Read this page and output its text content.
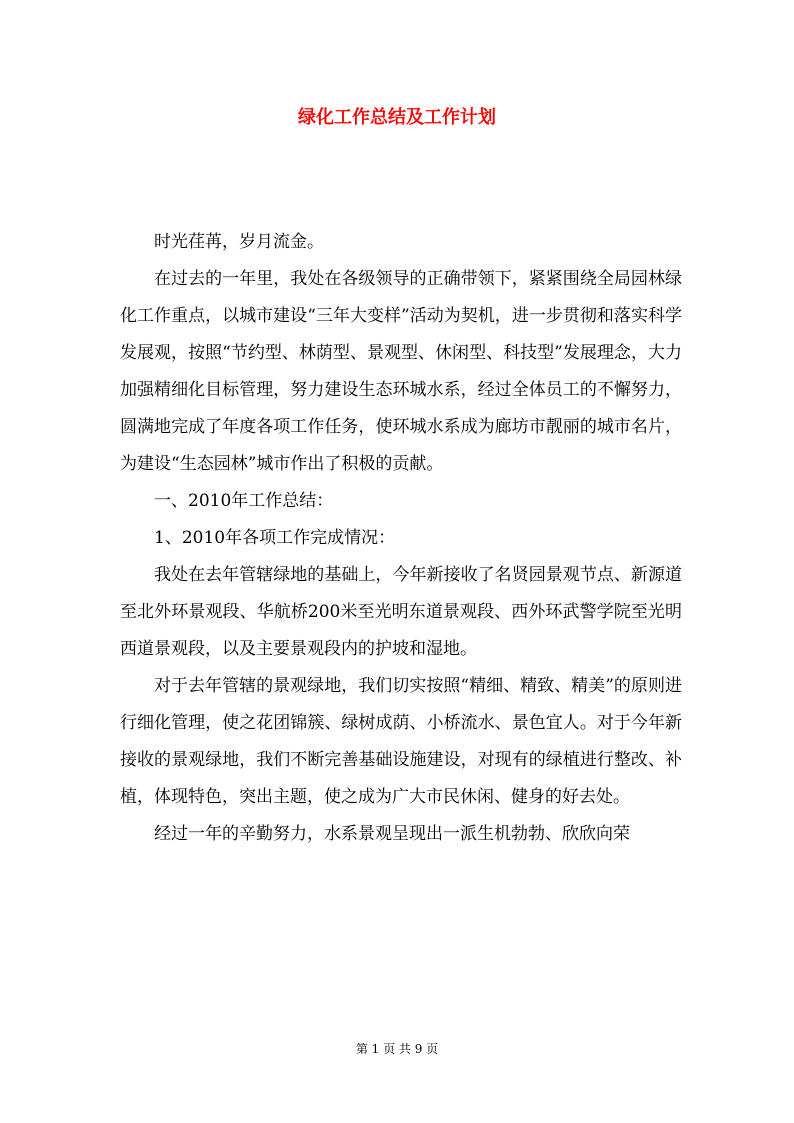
绿化工作总结及工作计划

时光荏苒，岁月流金。

在过去的一年里，我处在各级领导的正确带领下，紧紧围绕全局园林绿化工作重点，以城市建设“三年大变样”活动为契机，进一步贯彻和落实科学发展观，按照“节约型、林荫型、景观型、休闲型、科技型”发展理念，大力加强精细化目标管理，努力建设生态环城水系，经过全体员工的不懈努力，圆满地完成了年度各项工作任务，使环城水系成为廊坊市靓丽的城市名片，为建设“生态园林”城市作出了积极的贡献。

一、2010年工作总结：

1、2010年各项工作完成情况：

我处在去年管辖绿地的基础上，今年新接收了名贤园景观节点、新源道至北外环景观段、华航桥200米至光明东道景观段、西外环武警学院至光明西道景观段，以及主要景观段内的护坡和湿地。

对于去年管辖的景观绿地，我们切实按照“精细、精致、精美”的原则进行细化管理，使之花团锦簇、绿树成荫、小桥流水、景色宜人。对于今年新接收的景观绿地，我们不断完善基础设施建设，对现有的绿植进行整改、补植，体现特色，突出主题，使之成为广大市民休闲、健身的好去处。

经过一年的辛勤努力，水系景观呈现出一派生机勃勃、欣欣向荣

第 1 页 共 9 页
